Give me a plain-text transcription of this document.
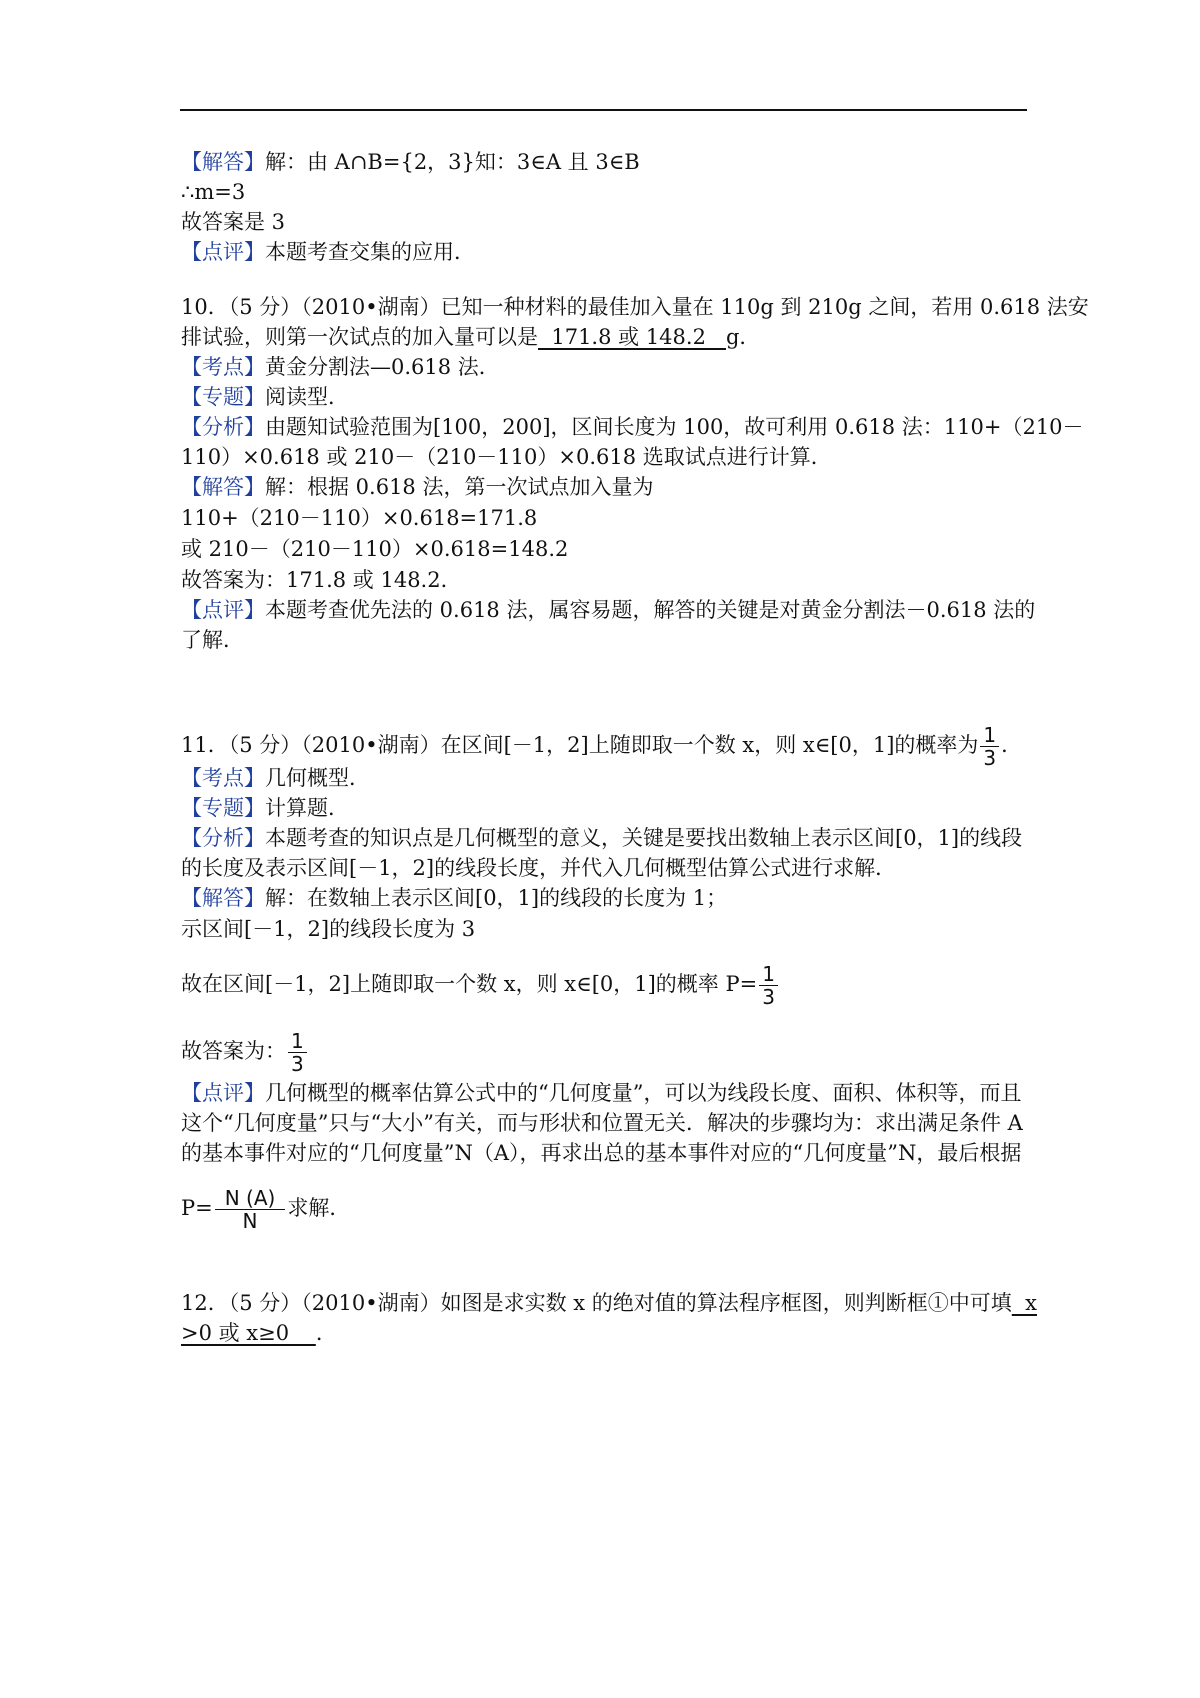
【解答】解：由 A∩B={2，3}知：3∈A 且 3∈B
∴m=3
故答案是 3
【点评】本题考查交集的应用．
10．（5 分）（2010•湖南）已知一种材料的最佳加入量在 110g 到 210g 之间，若用 0.618 法安
排试验，则第一次试点的加入量可以是  171.8 或 148.2   g．
【考点】黄金分割法—0.618 法．
【专题】阅读型．
【分析】由题知试验范围为[100，200]，区间长度为 100，故可利用 0.618 法：110+（210－
110）×0.618 或 210－（210－110）×0.618 选取试点进行计算．
【解答】解：根据 0.618 法，第一次试点加入量为
110+（210－110）×0.618=171.8
或 210－（210－110）×0.618=148.2
故答案为：171.8 或 148.2．
【点评】本题考查优先法的 0.618 法，属容易题，解答的关键是对黄金分割法－0.618 法的
了解．
11．（5 分）（2010•湖南）在区间[－1，2]上随即取一个数 x，则 x∈[0，1]的概率为 $\frac{1}{3}$ ．
【考点】几何概型．
【专题】计算题．
【分析】本题考查的知识点是几何概型的意义，关键是要找出数轴上表示区间[0，1]的线段
的长度及表示区间[－1，2]的线段长度，并代入几何概型估算公式进行求解．
【解答】解：在数轴上表示区间[0，1]的线段的长度为 1；
示区间[－1，2]的线段长度为 3
故在区间[－1，2]上随即取一个数 x，则 x∈[0，1]的概率 $P= \frac{1}{3}$
故答案为： $\frac{1}{3}$
【点评】几何概型的概率估算公式中的“几何度量”，可以为线段长度、面积、体积等，而且
这个“几何度量”只与“大小”有关，而与形状和位置无关．解决的步骤均为：求出满足条件 A
的基本事件对应的“几何度量”N（A），再求出总的基本事件对应的“几何度量”N，最后根据
$P= \frac{N (A)}{N}$ 求解．
12．（5 分）（2010•湖南）如图是求实数 x 的绝对值的算法程序框图，则判断框①中可填  x
>0 或 x≥0    ．
